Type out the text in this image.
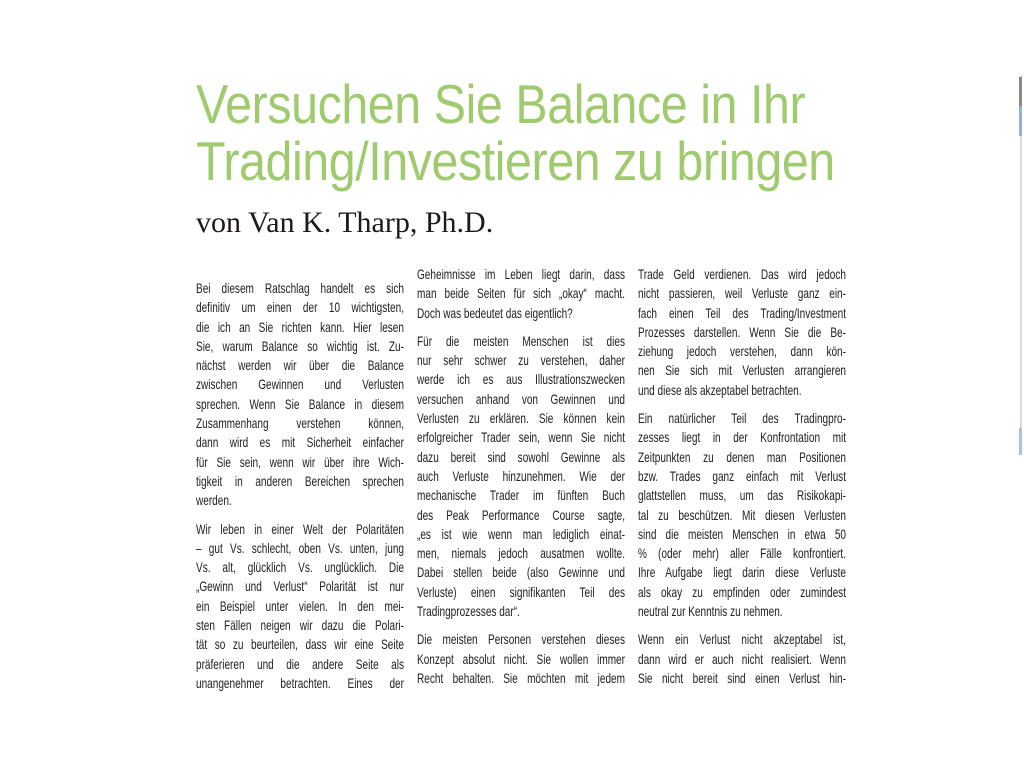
Versuchen Sie Balance in Ihr
Trading/Investieren zu bringen
von Van K. Tharp, Ph.D.
Bei diesem Ratschlag handelt es sich
definitiv um einen der 10 wichtigsten,
die ich an Sie richten kann. Hier lesen
Sie, warum Balance so wichtig ist. Zu-
nächst werden wir über die Balance
zwischen Gewinnen und Verlusten
sprechen. Wenn Sie Balance in diesem
Zusammenhang verstehen können,
dann wird es mit Sicherheit einfacher
für Sie sein, wenn wir über ihre Wich-
tigkeit in anderen Bereichen sprechen
werden.
Wir leben in einer Welt der Polaritäten
– gut Vs. schlecht, oben Vs. unten, jung
Vs. alt, glücklich Vs. unglücklich. Die
„Gewinn und Verlust“ Polarität ist nur
ein Beispiel unter vielen. In den mei-
sten Fällen neigen wir dazu die Polari-
tät so zu beurteilen, dass wir eine Seite
präferieren und die andere Seite als
unangenehmer betrachten. Eines der
Geheimnisse im Leben liegt darin, dass
man beide Seiten für sich „okay“ macht.
Doch was bedeutet das eigentlich?
Für die meisten Menschen ist dies
nur sehr schwer zu verstehen, daher
werde ich es aus Illustrationszwecken
versuchen anhand von Gewinnen und
Verlusten zu erklären. Sie können kein
erfolgreicher Trader sein, wenn Sie nicht
dazu bereit sind sowohl Gewinne als
auch Verluste hinzunehmen. Wie der
mechanische Trader im fünften Buch
des Peak Performance Course sagte,
„es ist wie wenn man lediglich einat-
men, niemals jedoch ausatmen wollte.
Dabei stellen beide (also Gewinne und
Verluste) einen signifikanten Teil des
Tradingprozesses dar“.
Die meisten Personen verstehen dieses
Konzept absolut nicht. Sie wollen immer
Recht behalten. Sie möchten mit jedem
Trade Geld verdienen. Das wird jedoch
nicht passieren, weil Verluste ganz ein-
fach einen Teil des Trading/Investment
Prozesses darstellen. Wenn Sie die Be-
ziehung jedoch verstehen, dann kön-
nen Sie sich mit Verlusten arrangieren
und diese als akzeptabel betrachten.
Ein natürlicher Teil des Tradingpro-
zesses liegt in der Konfrontation mit
Zeitpunkten zu denen man Positionen
bzw. Trades ganz einfach mit Verlust
glattstellen muss, um das Risikokapi-
tal zu beschützen. Mit diesen Verlusten
sind die meisten Menschen in etwa 50
% (oder mehr) aller Fälle konfrontiert.
Ihre Aufgabe liegt darin diese Verluste
als okay zu empfinden oder zumindest
neutral zur Kenntnis zu nehmen.
Wenn ein Verlust nicht akzeptabel ist,
dann wird er auch nicht realisiert. Wenn
Sie nicht bereit sind einen Verlust hin-
